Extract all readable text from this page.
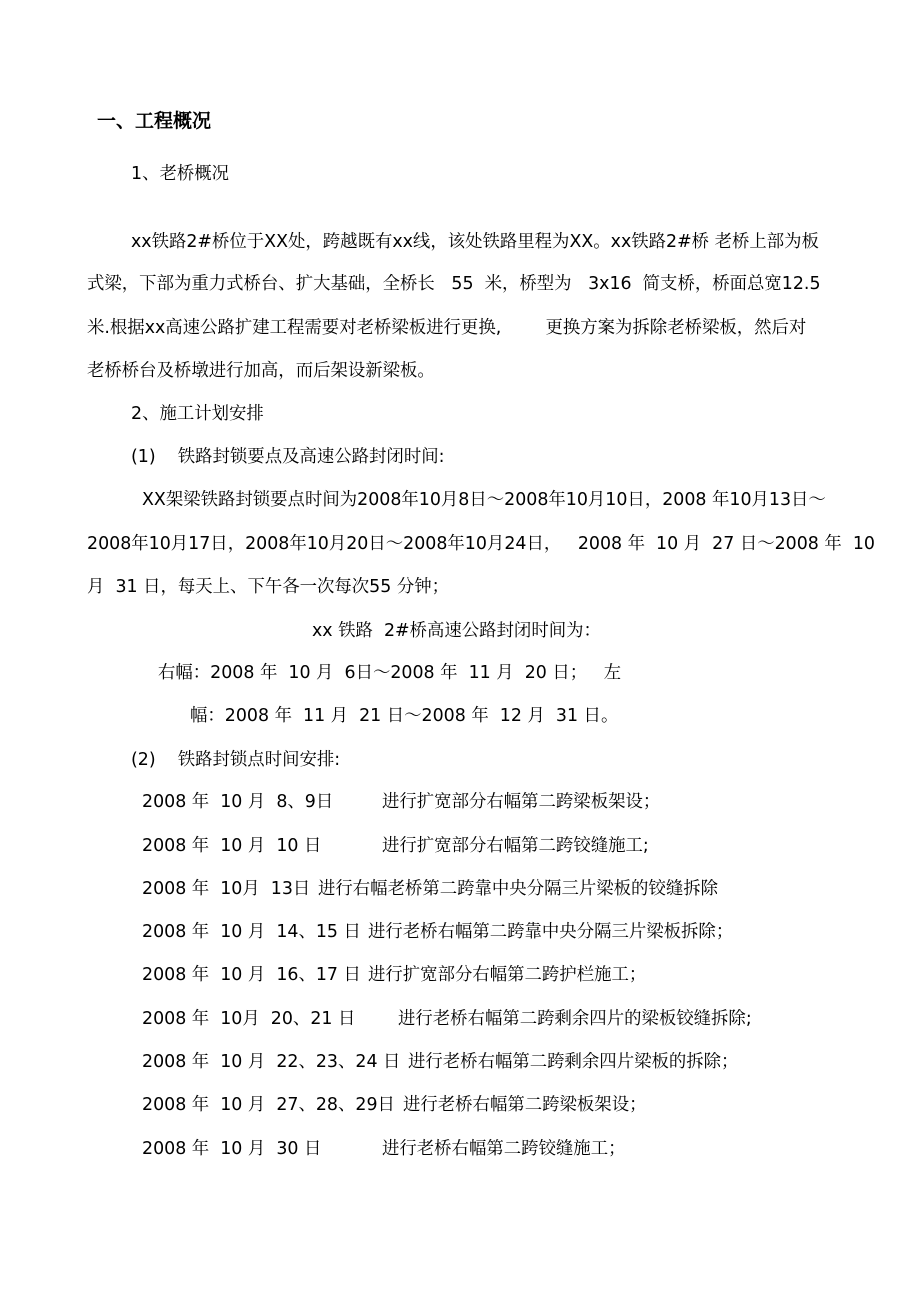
一、工程概况
1、老桥概况
xx铁路2#桥位于XX处，跨越既有xx线，该处铁路里程为XX。xx铁路2#桥 老桥上部为板
式梁，下部为重力式桥台、扩大基础，全桥长   55  米，桥型为   3x16  简支桥，桥面总宽12.5
米.根据xx高速公路扩建工程需要对老桥梁板进行更换,        更换方案为拆除老桥梁板，然后对
老桥桥台及桥墩进行加高，而后架设新梁板。
2、施工计划安排
(1)    铁路封锁要点及高速公路封闭时间:
XX架梁铁路封锁要点时间为2008年10月8日〜2008年10月10日，2008 年10月13日〜
2008年10月17日，2008年10月20日〜2008年10月24日，   2008 年  10 月  27 日〜2008 年  10
月  31 日，每天上、下午各一次每次55 分钟；
xx 铁路  2#桥高速公路封闭时间为：
右幅：2008 年  10 月  6日〜2008 年  11 月  20 日；   左
幅：2008 年  11 月  21 日〜2008 年  12 月  31 日。
(2)    铁路封锁点时间安排:
2008 年  10 月  8、9日	进行扩宽部分右幅第二跨梁板架设；
2008 年  10 月  10 日	进行扩宽部分右幅第二跨铰缝施工;
2008 年  10月  13日 进行右幅老桥第二跨靠中央分隔三片梁板的铰缝拆除
2008 年  10 月  14、15 日 进行老桥右幅第二跨靠中央分隔三片梁板拆除；
2008 年  10 月  16、17 日 进行扩宽部分右幅第二跨护栏施工；
2008 年  10月  20、21 日 进行老桥右幅第二跨剩余四片的梁板铰缝拆除;
2008 年  10 月  22、23、24 日 进行老桥右幅第二跨剩余四片梁板的拆除；
2008 年  10 月  27、28、29日 进行老桥右幅第二跨梁板架设；
2008 年  10 月  30 日	进行老桥右幅第二跨铰缝施工；
